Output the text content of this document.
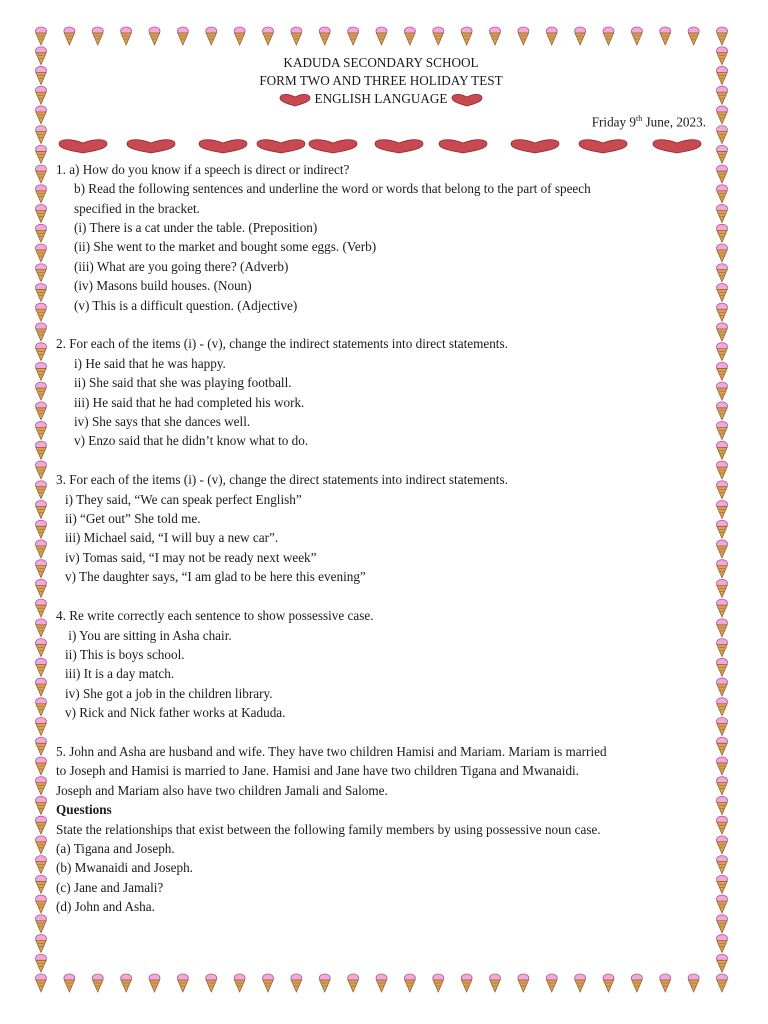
KADUDA SECONDARY SCHOOL
FORM TWO AND THREE HOLIDAY TEST
ENGLISH LANGUAGE
Friday 9th June, 2023.
1. a) How do you know if a speech is direct or indirect?
b) Read the following sentences and underline the word or words that belong to the part of speech
specified in the bracket.
(i) There is a cat under the table. (Preposition)
(ii) She went to the market and bought some eggs. (Verb)
(iii) What are you going there? (Adverb)
(iv) Masons build houses. (Noun)
(v) This is a difficult question. (Adjective)
2. For each of the items (i) - (v), change the indirect statements into direct statements.
i) He said that he was happy.
ii) She said that she was playing football.
iii) He said that he had completed his work.
iv) She says that she dances well.
v) Enzo said that he didn’t know what to do.
3. For each of the items (i) - (v), change the direct statements into indirect statements.
i) They said, “We can speak perfect English”
ii) “Get out” She told me.
iii) Michael said, “I will buy a new car”.
iv) Tomas said, “I may not be ready next week”
v) The daughter says, “I am glad to be here this evening”
4. Re write correctly each sentence to show possessive case.
i) You are sitting in Asha chair.
ii) This is boys school.
iii) It is a day match.
iv) She got a job in the children library.
v) Rick and Nick father works at Kaduda.
5. John and Asha are husband and wife. They have two children Hamisi and Mariam. Mariam is married
to Joseph and Hamisi is married to Jane. Hamisi and Jane have two children Tigana and Mwanaidi.
Joseph and Mariam also have two children Jamali and Salome.
Questions
State the relationships that exist between the following family members by using possessive noun case.
(a) Tigana and Joseph.
(b) Mwanaidi and Joseph.
(c) Jane and Jamali?
(d) John and Asha.
